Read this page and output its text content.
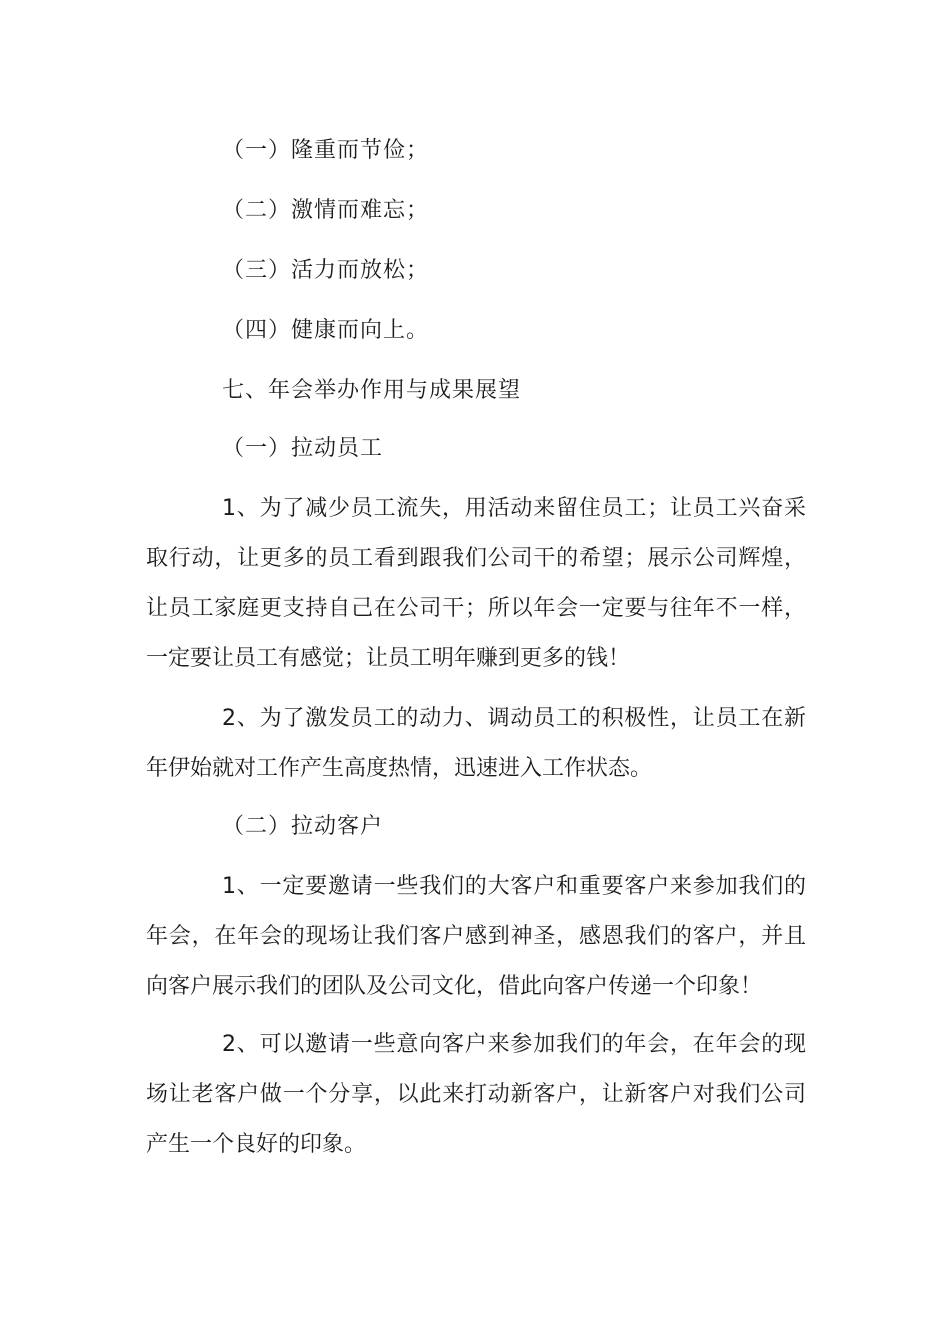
（一）隆重而节俭；
（二）激情而难忘；
（三）活力而放松；
（四）健康而向上。
七、年会举办作用与成果展望
（一）拉动员工
1、为了减少员工流失，用活动来留住员工；让员工兴奋采
取行动，让更多的员工看到跟我们公司干的希望；展示公司辉煌，
让员工家庭更支持自己在公司干；所以年会一定要与往年不一样，
一定要让员工有感觉；让员工明年赚到更多的钱！
2、为了激发员工的动力、调动员工的积极性，让员工在新
年伊始就对工作产生高度热情，迅速进入工作状态。
（二）拉动客户
1、一定要邀请一些我们的大客户和重要客户来参加我们的
年会，在年会的现场让我们客户感到神圣，感恩我们的客户，并且
向客户展示我们的团队及公司文化，借此向客户传递一个印象！
2、可以邀请一些意向客户来参加我们的年会，在年会的现
场让老客户做一个分享，以此来打动新客户，让新客户对我们公司
产生一个良好的印象。
